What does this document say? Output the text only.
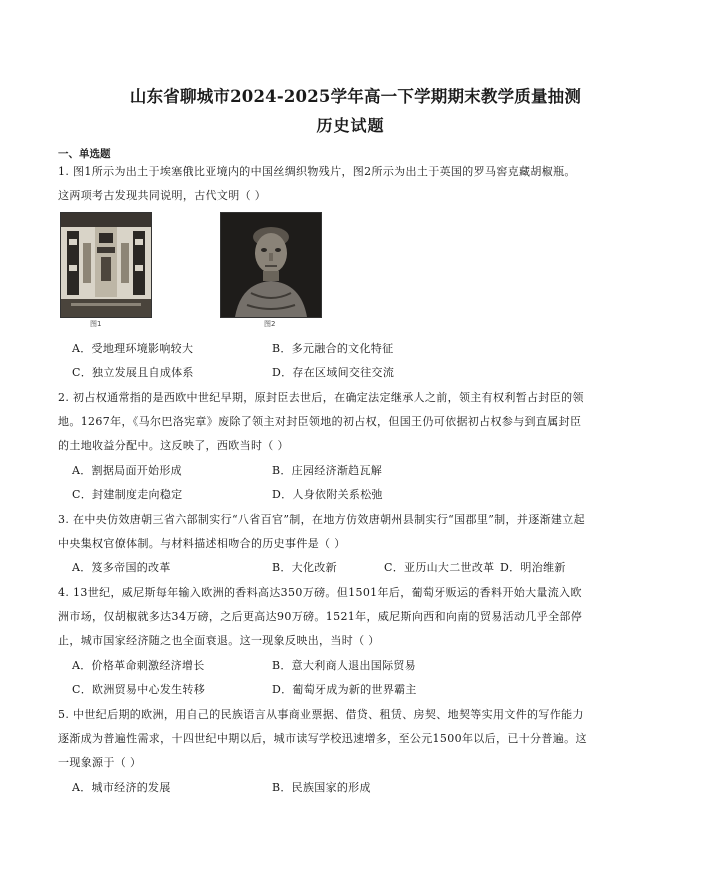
山东省聊城市2024-2025学年高一下学期期末教学质量抽测
历史试题
一、单选题
1. 图1所示为出土于埃塞俄比亚境内的中国丝绸织物残片，图2所示为出土于英国的罗马窖克藏胡椒瓶。
这两项考古发现共同说明，古代文明（ ）
图1	图2
A．受地理环境影响较大	B．多元融合的文化特征
C．独立发展且自成体系	D．存在区域间交往交流
2. 初占权通常指的是西欧中世纪早期，原封臣去世后，在确定法定继承人之前，领主有权利暂占封臣的领
地。1267年，《马尔巴洛宪章》废除了领主对封臣领地的初占权，但国王仍可依据初占权参与到直属封臣
的土地收益分配中。这反映了，西欧当时（ ）
A．割据局面开始形成	B．庄园经济渐趋瓦解
C．封建制度走向稳定	D．人身依附关系松弛
3. 在中央仿效唐朝三省六部制实行“八省百官”制，在地方仿效唐朝州县制实行“国郡里”制，并逐渐建立起
中央集权官僚体制。与材料描述相吻合的历史事件是（ ）
A．笈多帝国的改革	B．大化改新	C．亚历山大二世改革 D．明治维新
4. 13世纪，威尼斯每年输入欧洲的香料高达350万磅。但1501年后，葡萄牙贩运的香料开始大量流入欧
洲市场，仅胡椒就多达34万磅，之后更高达90万磅。1521年，威尼斯向西和向南的贸易活动几乎全部停
止，城市国家经济随之也全面衰退。这一现象反映出，当时（ ）
A．价格革命刺激经济增长	B．意大利商人退出国际贸易
C．欧洲贸易中心发生转移	D．葡萄牙成为新的世界霸主
5. 中世纪后期的欧洲，用自己的民族语言从事商业票据、借贷、租赁、房契、地契等实用文件的写作能力
逐渐成为普遍性需求，十四世纪中期以后，城市读写学校迅速增多，至公元1500年以后，已十分普遍。这
一现象源于（ ）
A．城市经济的发展	B．民族国家的形成
